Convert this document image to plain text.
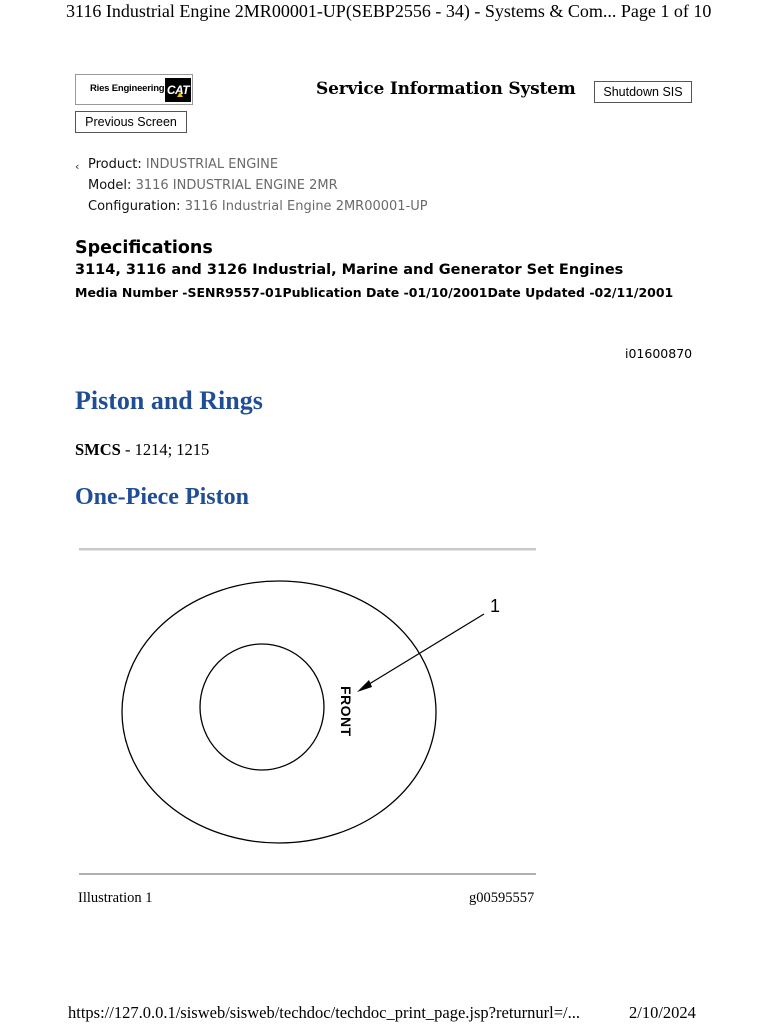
3116 Industrial Engine 2MR00001-UP(SEBP2556 - 34) - Systems & Com... Page 1 of 10
Ries Engineering CAT	Service Information System	Shutdown SIS
Previous Screen
‹ Product: INDUSTRIAL ENGINE
Model: 3116 INDUSTRIAL ENGINE 2MR
Configuration: 3116 Industrial Engine 2MR00001-UP
Specifications
3114, 3116 and 3126 Industrial, Marine and Generator Set Engines
Media Number -SENR9557-01Publication Date -01/10/2001Date Updated -02/11/2001
i01600870
Piston and Rings
SMCS - 1214; 1215
One-Piece Piston
1
FRONT
Illustration 1	g00595557
https://127.0.0.1/sisweb/sisweb/techdoc/techdoc_print_page.jsp?returnurl=/...	2/10/2024
